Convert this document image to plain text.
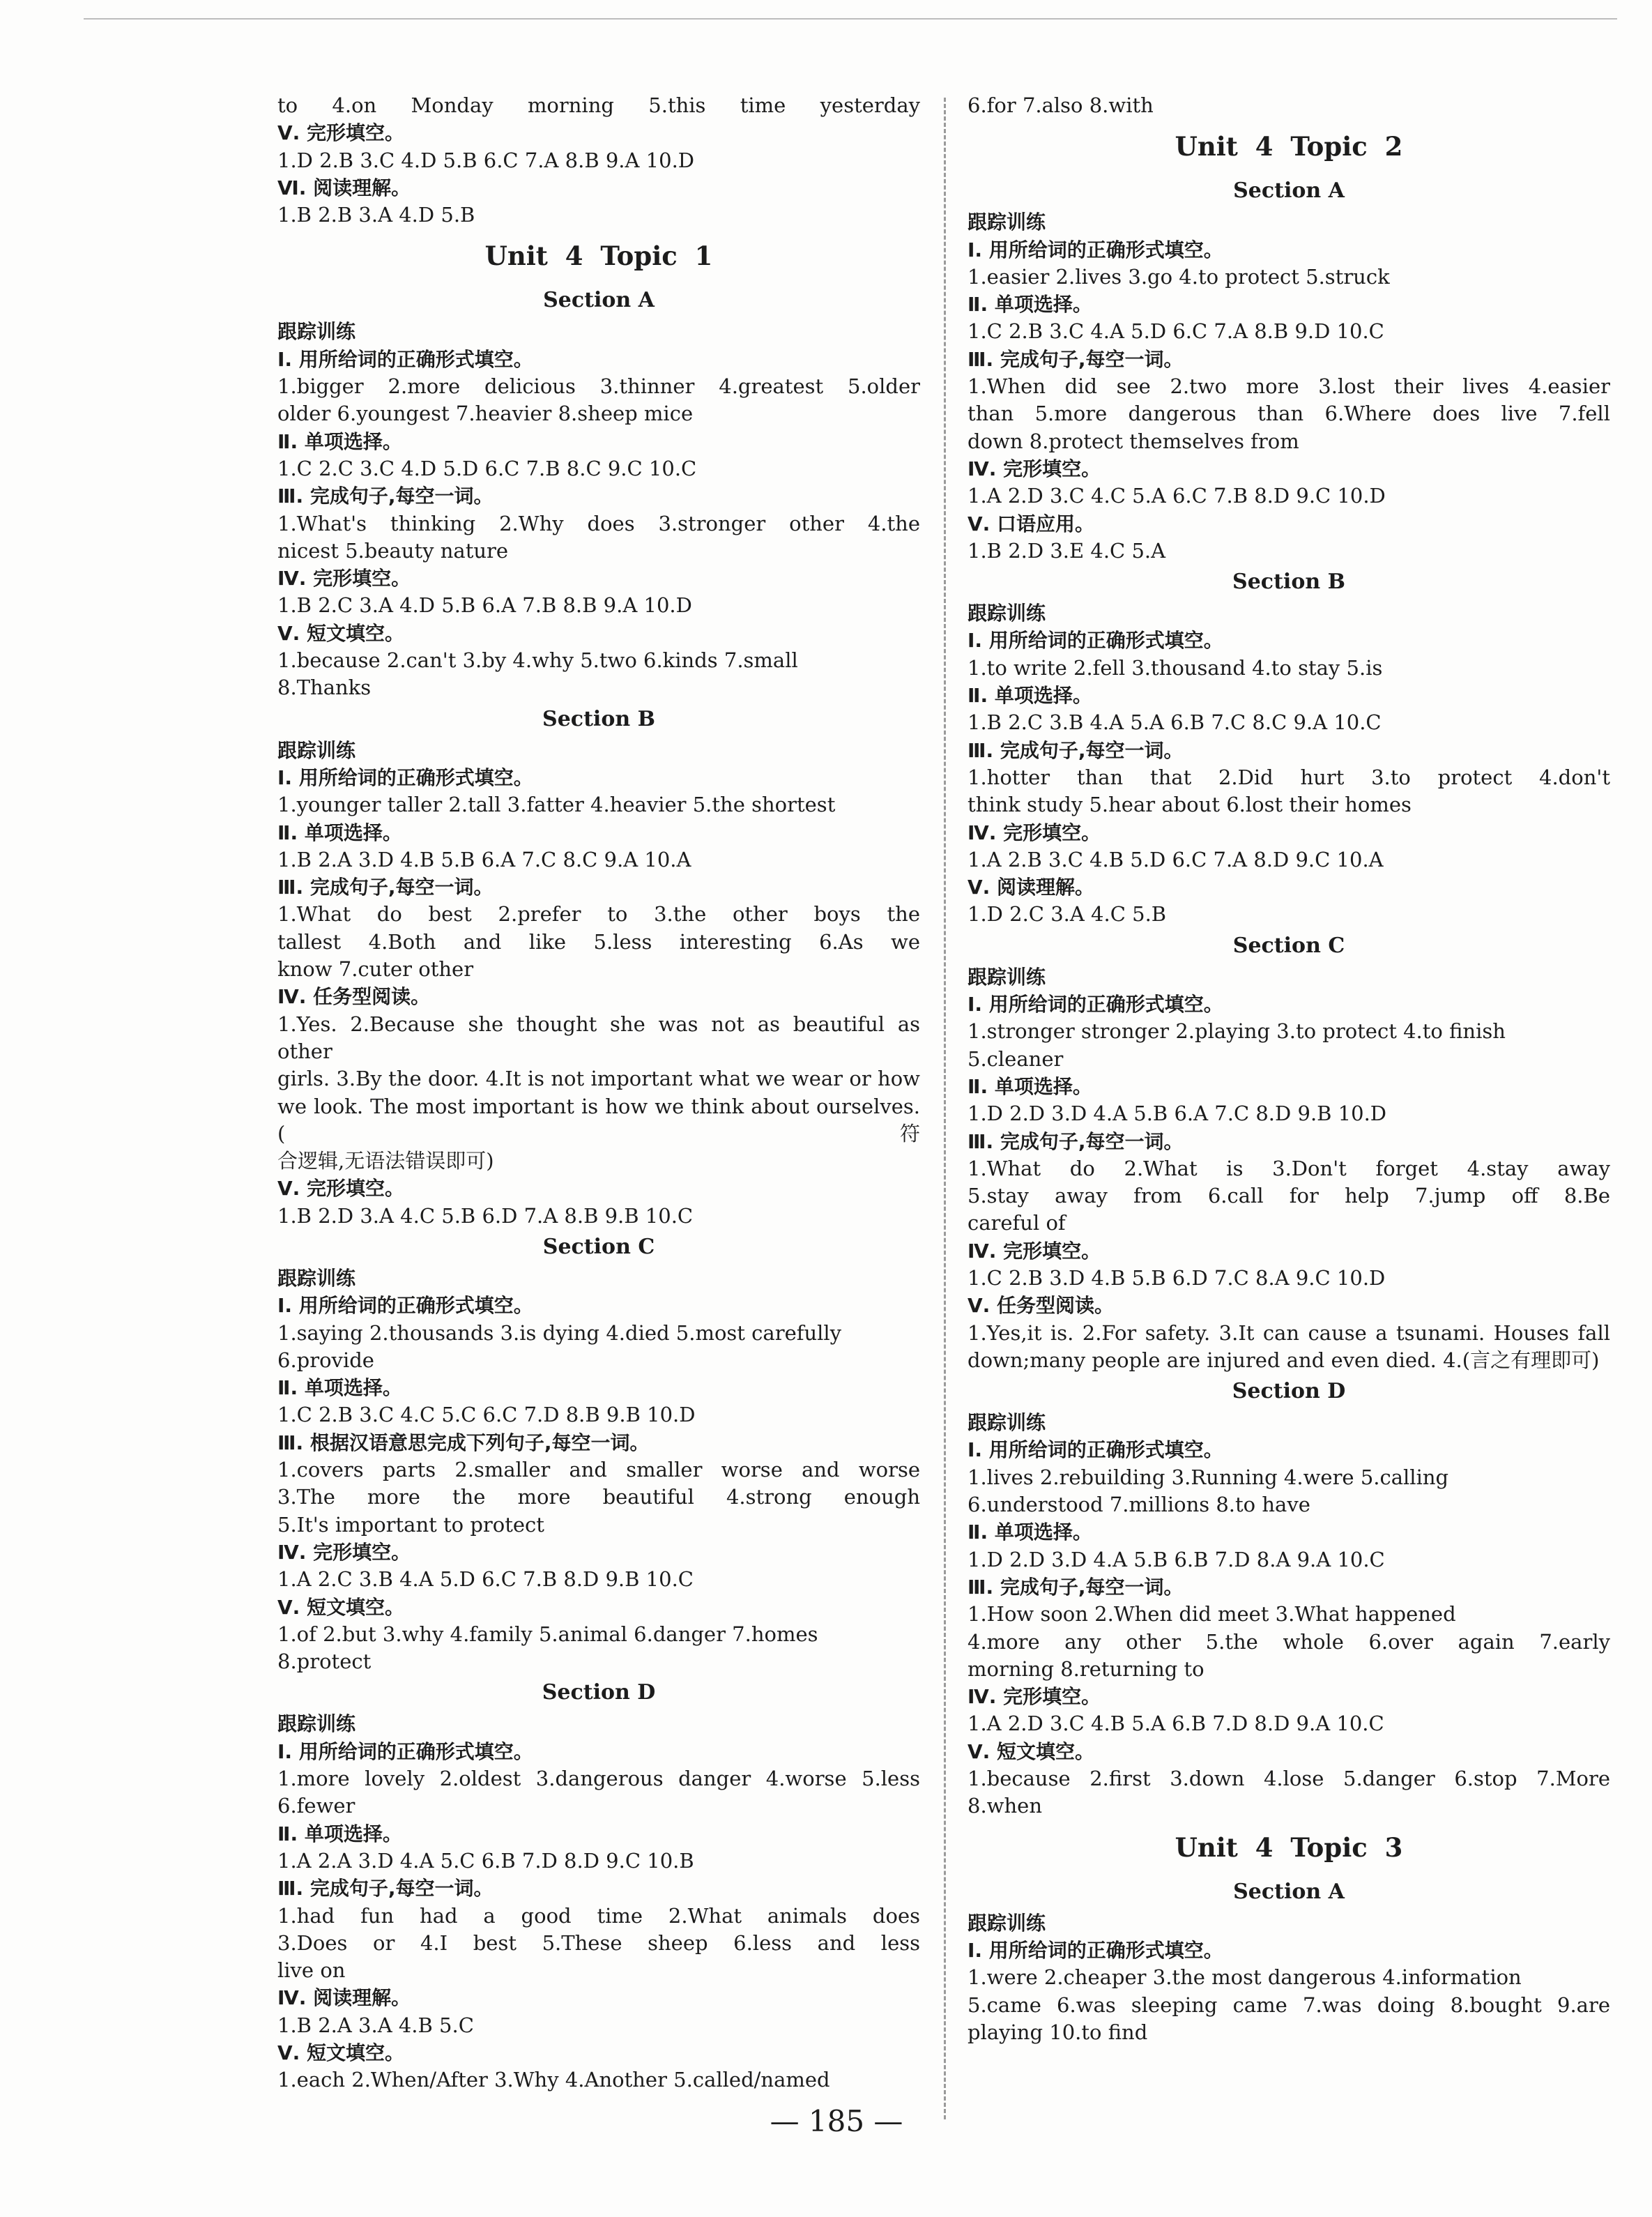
to 4.on Monday morning 5.this time yesterday
Ⅴ. 完形填空。
1.D 2.B 3.C 4.D 5.B 6.C 7.A 8.B 9.A 10.D
Ⅵ. 阅读理解。
1.B 2.B 3.A 4.D 5.B
Unit 4 Topic 1
Section A
跟踪训练
Ⅰ. 用所给词的正确形式填空。
1.bigger 2.more delicious 3.thinner 4.greatest 5.older
older 6.youngest 7.heavier 8.sheep mice
Ⅱ. 单项选择。
1.C 2.C 3.C 4.D 5.D 6.C 7.B 8.C 9.C 10.C
Ⅲ. 完成句子,每空一词。
1.What's thinking 2.Why does 3.stronger other 4.the
nicest 5.beauty nature
Ⅳ. 完形填空。
1.B 2.C 3.A 4.D 5.B 6.A 7.B 8.B 9.A 10.D
Ⅴ. 短文填空。
1.because 2.can't 3.by 4.why 5.two 6.kinds 7.small
8.Thanks
Section B
跟踪训练
Ⅰ. 用所给词的正确形式填空。
1.younger taller 2.tall 3.fatter 4.heavier 5.the shortest
Ⅱ. 单项选择。
1.B 2.A 3.D 4.B 5.B 6.A 7.C 8.C 9.A 10.A
Ⅲ. 完成句子,每空一词。
1.What do best 2.prefer to 3.the other boys the
tallest 4.Both and like 5.less interesting 6.As we
know 7.cuter other
Ⅳ. 任务型阅读。
1.Yes. 2.Because she thought she was not as beautiful as other
girls. 3.By the door. 4.It is not important what we wear or how
we look. The most important is how we think about ourselves.(符
合逻辑,无语法错误即可)
Ⅴ. 完形填空。
1.B 2.D 3.A 4.C 5.B 6.D 7.A 8.B 9.B 10.C
Section C
跟踪训练
Ⅰ. 用所给词的正确形式填空。
1.saying 2.thousands 3.is dying 4.died 5.most carefully
6.provide
Ⅱ. 单项选择。
1.C 2.B 3.C 4.C 5.C 6.C 7.D 8.B 9.B 10.D
Ⅲ. 根据汉语意思完成下列句子,每空一词。
1.covers parts 2.smaller and smaller worse and worse
3.The more the more beautiful 4.strong enough
5.It's important to protect
Ⅳ. 完形填空。
1.A 2.C 3.B 4.A 5.D 6.C 7.B 8.D 9.B 10.C
Ⅴ. 短文填空。
1.of 2.but 3.why 4.family 5.animal 6.danger 7.homes
8.protect
Section D
跟踪训练
Ⅰ. 用所给词的正确形式填空。
1.more lovely 2.oldest 3.dangerous danger 4.worse 5.less
6.fewer
Ⅱ. 单项选择。
1.A 2.A 3.D 4.A 5.C 6.B 7.D 8.D 9.C 10.B
Ⅲ. 完成句子,每空一词。
1.had fun had a good time 2.What animals does
3.Does or 4.I best 5.These sheep 6.less and less
live on
Ⅳ. 阅读理解。
1.B 2.A 3.A 4.B 5.C
Ⅴ. 短文填空。
1.each 2.When/After 3.Why 4.Another 5.called/named
6.for 7.also 8.with
Unit 4 Topic 2
Section A
跟踪训练
Ⅰ. 用所给词的正确形式填空。
1.easier 2.lives 3.go 4.to protect 5.struck
Ⅱ. 单项选择。
1.C 2.B 3.C 4.A 5.D 6.C 7.A 8.B 9.D 10.C
Ⅲ. 完成句子,每空一词。
1.When did see 2.two more 3.lost their lives 4.easier
than 5.more dangerous than 6.Where does live 7.fell
down 8.protect themselves from
Ⅳ. 完形填空。
1.A 2.D 3.C 4.C 5.A 6.C 7.B 8.D 9.C 10.D
Ⅴ. 口语应用。
1.B 2.D 3.E 4.C 5.A
Section B
跟踪训练
Ⅰ. 用所给词的正确形式填空。
1.to write 2.fell 3.thousand 4.to stay 5.is
Ⅱ. 单项选择。
1.B 2.C 3.B 4.A 5.A 6.B 7.C 8.C 9.A 10.C
Ⅲ. 完成句子,每空一词。
1.hotter than that 2.Did hurt 3.to protect 4.don't
think study 5.hear about 6.lost their homes
Ⅳ. 完形填空。
1.A 2.B 3.C 4.B 5.D 6.C 7.A 8.D 9.C 10.A
Ⅴ. 阅读理解。
1.D 2.C 3.A 4.C 5.B
Section C
跟踪训练
Ⅰ. 用所给词的正确形式填空。
1.stronger stronger 2.playing 3.to protect 4.to finish
5.cleaner
Ⅱ. 单项选择。
1.D 2.D 3.D 4.A 5.B 6.A 7.C 8.D 9.B 10.D
Ⅲ. 完成句子,每空一词。
1.What do 2.What is 3.Don't forget 4.stay away
5.stay away from 6.call for help 7.jump off 8.Be
careful of
Ⅳ. 完形填空。
1.C 2.B 3.D 4.B 5.B 6.D 7.C 8.A 9.C 10.D
Ⅴ. 任务型阅读。
1.Yes,it is. 2.For safety. 3.It can cause a tsunami. Houses fall
down;many people are injured and even died. 4.(言之有理即可)
Section D
跟踪训练
Ⅰ. 用所给词的正确形式填空。
1.lives 2.rebuilding 3.Running 4.were 5.calling
6.understood 7.millions 8.to have
Ⅱ. 单项选择。
1.D 2.D 3.D 4.A 5.B 6.B 7.D 8.A 9.A 10.C
Ⅲ. 完成句子,每空一词。
1.How soon 2.When did meet 3.What happened
4.more any other 5.the whole 6.over again 7.early
morning 8.returning to
Ⅳ. 完形填空。
1.A 2.D 3.C 4.B 5.A 6.B 7.D 8.D 9.A 10.C
Ⅴ. 短文填空。
1.because 2.first 3.down 4.lose 5.danger 6.stop 7.More
8.when
Unit 4 Topic 3
Section A
跟踪训练
Ⅰ. 用所给词的正确形式填空。
1.were 2.cheaper 3.the most dangerous 4.information
5.came 6.was sleeping came 7.was doing 8.bought 9.are
playing 10.to find
— 185 —
